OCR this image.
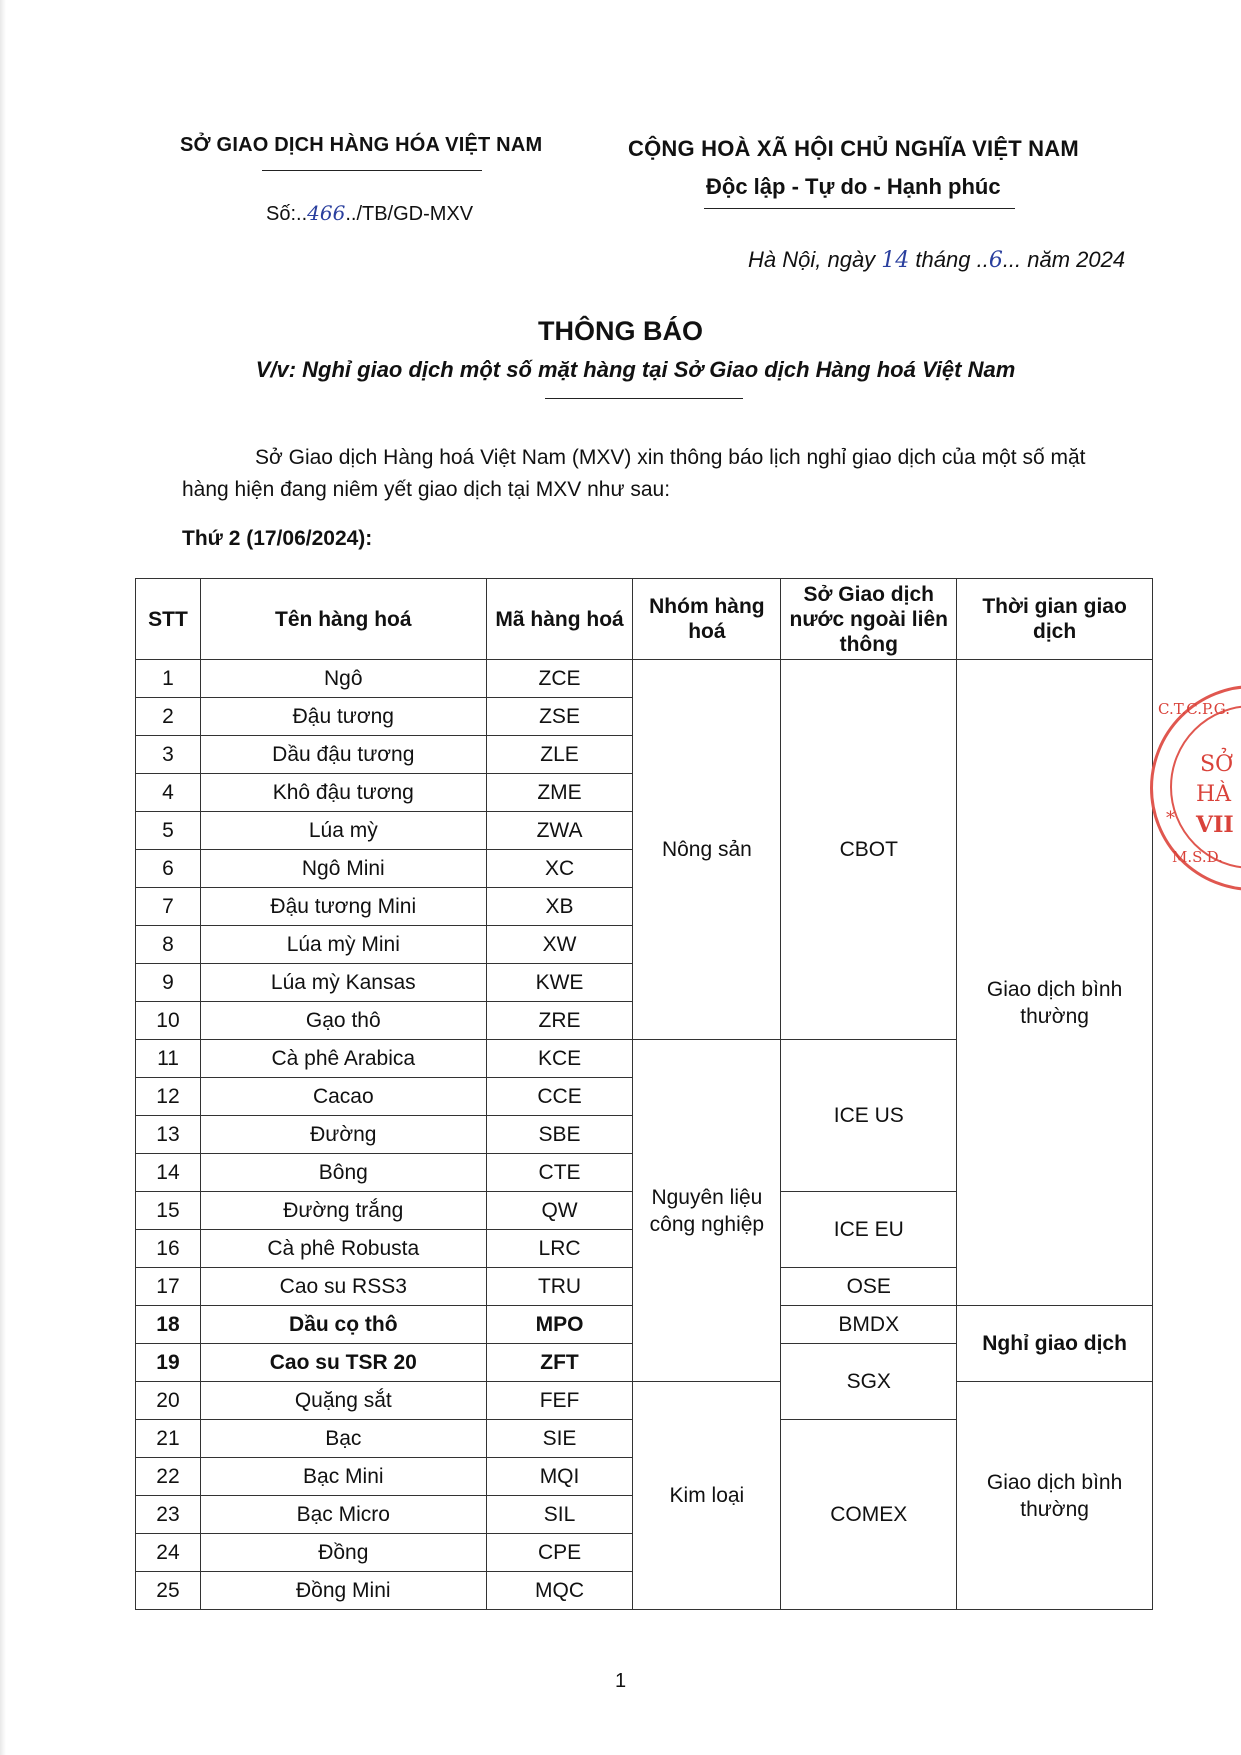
SỞ GIAO DỊCH HÀNG HÓA VIỆT NAM
Số:..466../TB/GD-MXV
CỘNG HOÀ XÃ HỘI CHỦ NGHĨA VIỆT NAM
Độc lập - Tự do - Hạnh phúc
Hà Nội, ngày 14 tháng ..6... năm 2024
THÔNG BÁO
V/v: Nghỉ giao dịch một số mặt hàng tại Sở Giao dịch Hàng hoá Việt Nam
Sở Giao dịch Hàng hoá Việt Nam (MXV) xin thông báo lịch nghỉ giao dịch của một số mặt hàng hiện đang niêm yết giao dịch tại MXV như sau:
Thứ 2 (17/06/2024):
STT	Tên hàng hoá	Mã hàng hoá	Nhóm hàng hoá	Sở Giao dịch nước ngoài liên thông	Thời gian giao dịch
1	Ngô	ZCE	Nông sản	CBOT	Giao dịch bình thường
2	Đậu tương	ZSE			
3	Dầu đậu tương	ZLE			
4	Khô đậu tương	ZME			
5	Lúa mỳ	ZWA			
6	Ngô Mini	XC			
7	Đậu tương Mini	XB			
8	Lúa mỳ Mini	XW			
9	Lúa mỳ Kansas	KWE			
10	Gạo thô	ZRE			
11	Cà phê Arabica	KCE	Nguyên liệu công nghiệp	ICE US	
12	Cacao	CCE			
13	Đường	SBE			
14	Bông	CTE			
15	Đường trắng	QW		ICE EU	
16	Cà phê Robusta	LRC			
17	Cao su RSS3	TRU		OSE	
18	Dầu cọ thô	MPO		BMDX	Nghỉ giao dịch
19	Cao su TSR 20	ZFT		SGX	
20	Quặng sắt	FEF	Kim loại		Giao dịch bình thường
21	Bạc	SIE		COMEX	
22	Bạc Mini	MQI			
23	Bạc Micro	SIL			
24	Đồng	CPE			
25	Đồng Mini	MQC			
C.T.C.P.G.
SỞ
HÀ
VII
M.S.D.
*
1
